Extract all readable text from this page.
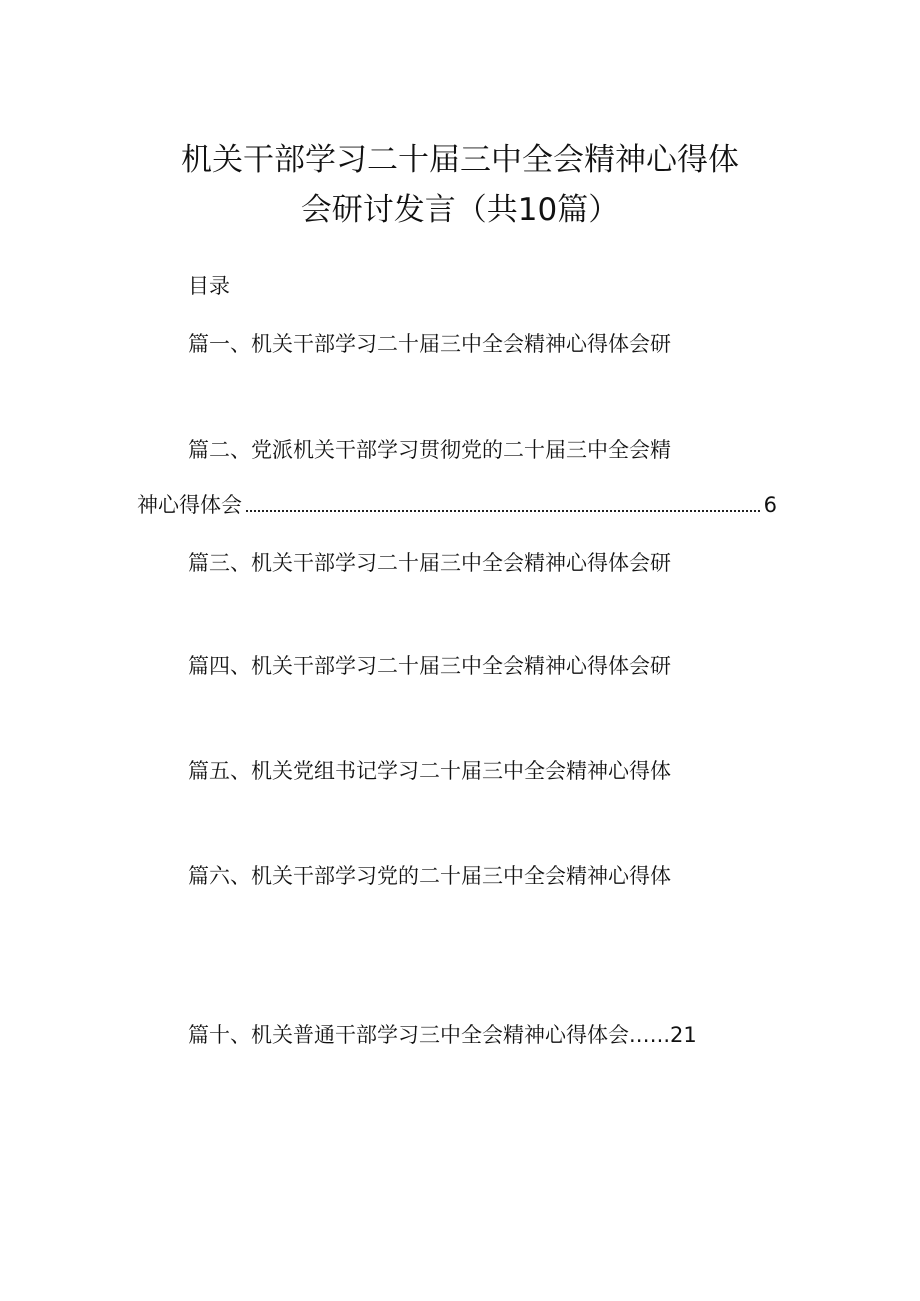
机关干部学习二十届三中全会精神心得体
会研讨发言（共10篇）
目录
篇一、机关干部学习二十届三中全会精神心得体会研
篇二、党派机关干部学习贯彻党的二十届三中全会精
神心得体会	6
篇三、机关干部学习二十届三中全会精神心得体会研
篇四、机关干部学习二十届三中全会精神心得体会研
篇五、机关党组书记学习二十届三中全会精神心得体
篇六、机关干部学习党的二十届三中全会精神心得体
篇十、机关普通干部学习三中全会精神心得体会.…..21
